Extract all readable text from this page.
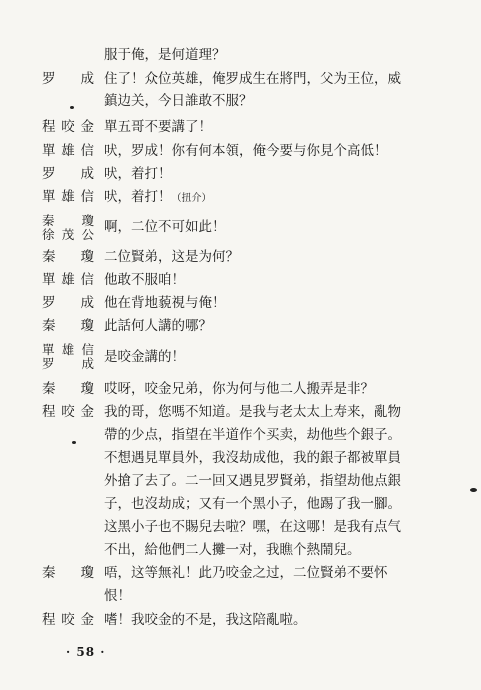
服于俺，是何道理？
罗 成 住了！众位英雄，俺罗成生在將門，父为王位，威
鎮边关，今日誰敢不服？
程咬金 單五哥不要講了！
單雄信 吠，罗成！你有何本領，俺今要与你見个高低！
罗 成 吠，着打！
單雄信 吠，着打！（扭介）
秦 瓊
徐茂公 啊，二位不可如此！
秦 瓊 二位賢弟，这是为何？
單雄信 他敢不服咱！
罗 成 他在背地藐視与俺！
秦 瓊 此話何人講的哪？
單雄信
罗 成 是咬金講的！
秦 瓊 哎呀，咬金兄弟，你为何与他二人搬弄是非？
程咬金 我的哥，您嗎不知道。是我与老太太上寿来，亂物
帶的少点，指望在半道作个买卖，劫他些个銀子。
不想遇見單員外，我沒劫成他，我的銀子都被單員
外搶了去了。二一回又遇見罗賢弟，指望劫他点銀
子，也沒劫成；又有一个黑小子，他踢了我一腳。
这黑小子也不賜兒去啦？嘿，在这哪！是我有点气
不出，給他們二人攤一对，我瞧个熱鬧兒。
秦 瓊 唔，这等無礼！此乃咬金之过，二位賢弟不要怀
恨！
程咬金 嗜！我咬金的不是，我这陪亂啦。
· 58 ·
